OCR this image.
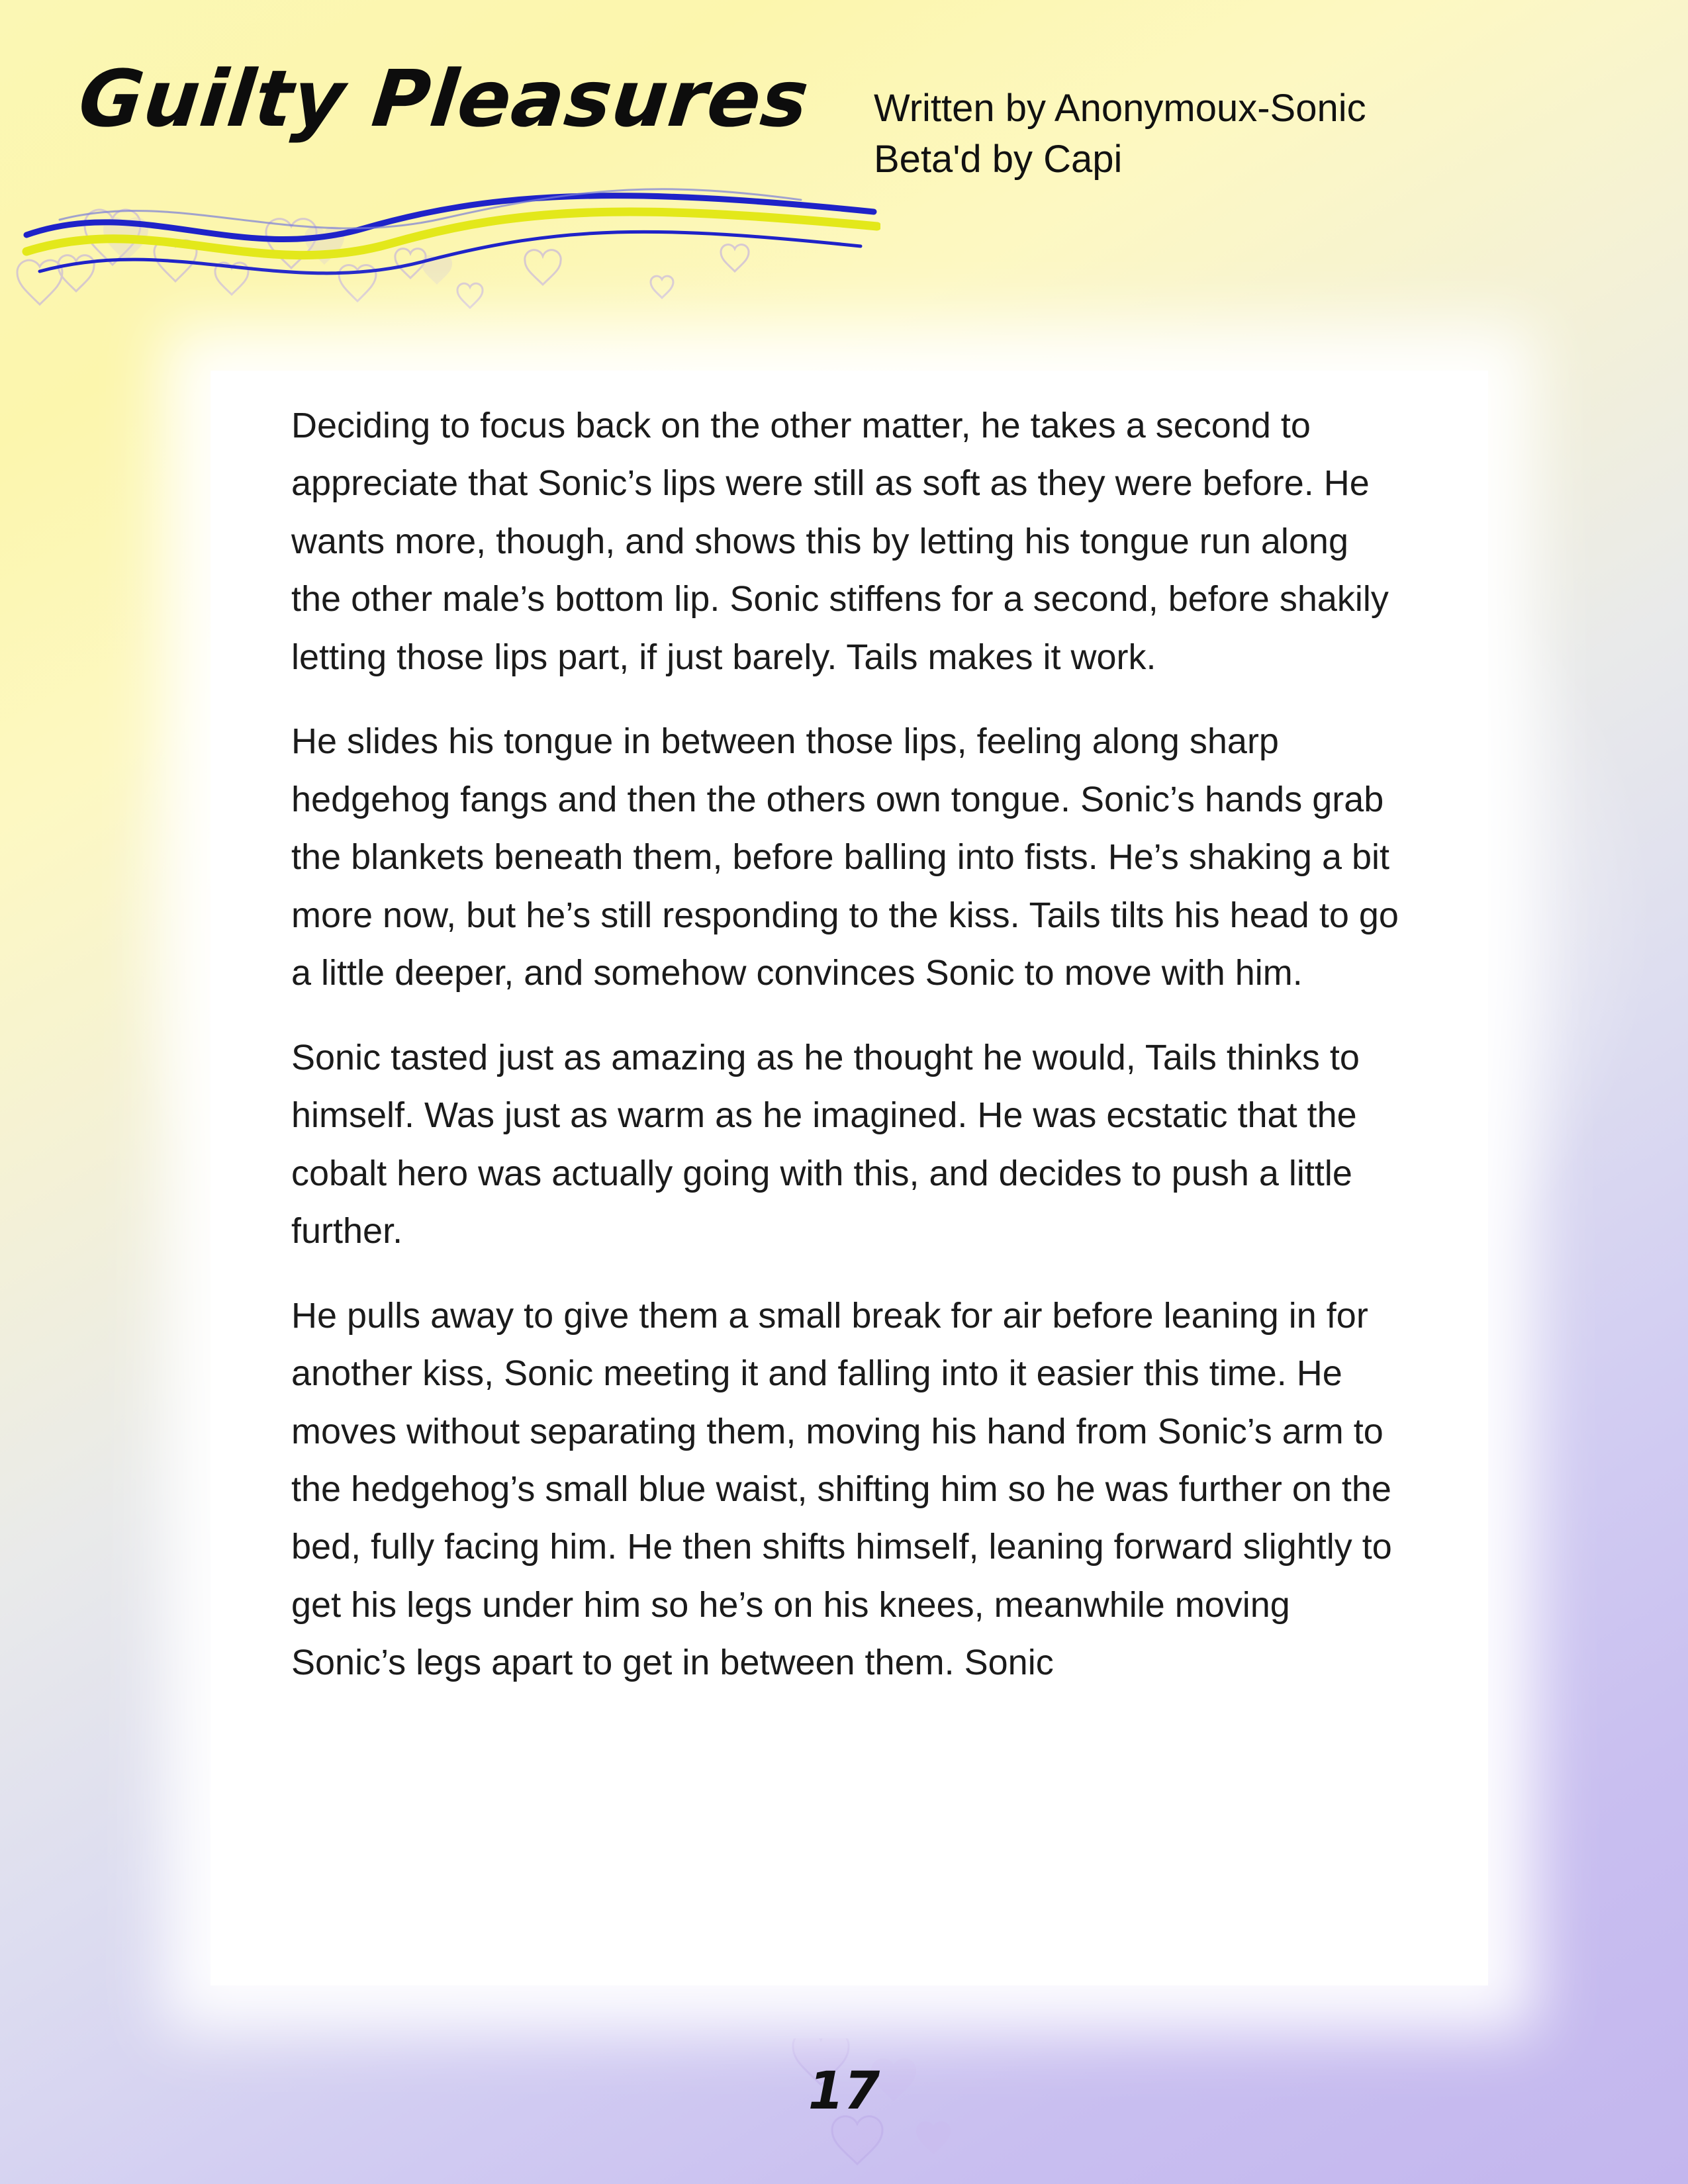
Guilty Pleasures Written by Anonymoux-Sonic
Beta'd by Capi

Deciding to focus back on the other matter, he takes a second to appreciate that Sonic’s lips were still as soft as they were before. He wants more, though, and shows this by letting his tongue run along the other male’s bottom lip. Sonic stiffens for a second, before shakily letting those lips part, if just barely. Tails makes it work.

He slides his tongue in between those lips, feeling along sharp hedgehog fangs and then the others own tongue. Sonic’s hands grab the blankets beneath them, before balling into fists. He’s shaking a bit more now, but he’s still responding to the kiss. Tails tilts his head to go a little deeper, and somehow convinces Sonic to move with him.

Sonic tasted just as amazing as he thought he would, Tails thinks to himself. Was just as warm as he imagined. He was ecstatic that the cobalt hero was actually going with this, and decides to push a little further.

He pulls away to give them a small break for air before leaning in for another kiss, Sonic meeting it and falling into it easier this time. He moves without separating them, moving his hand from Sonic’s arm to the hedgehog’s small blue waist, shifting him so he was further on the bed, fully facing him. He then shifts himself, leaning forward slightly to get his legs under him so he’s on his knees, meanwhile moving Sonic’s legs apart to get in between them. Sonic

17
